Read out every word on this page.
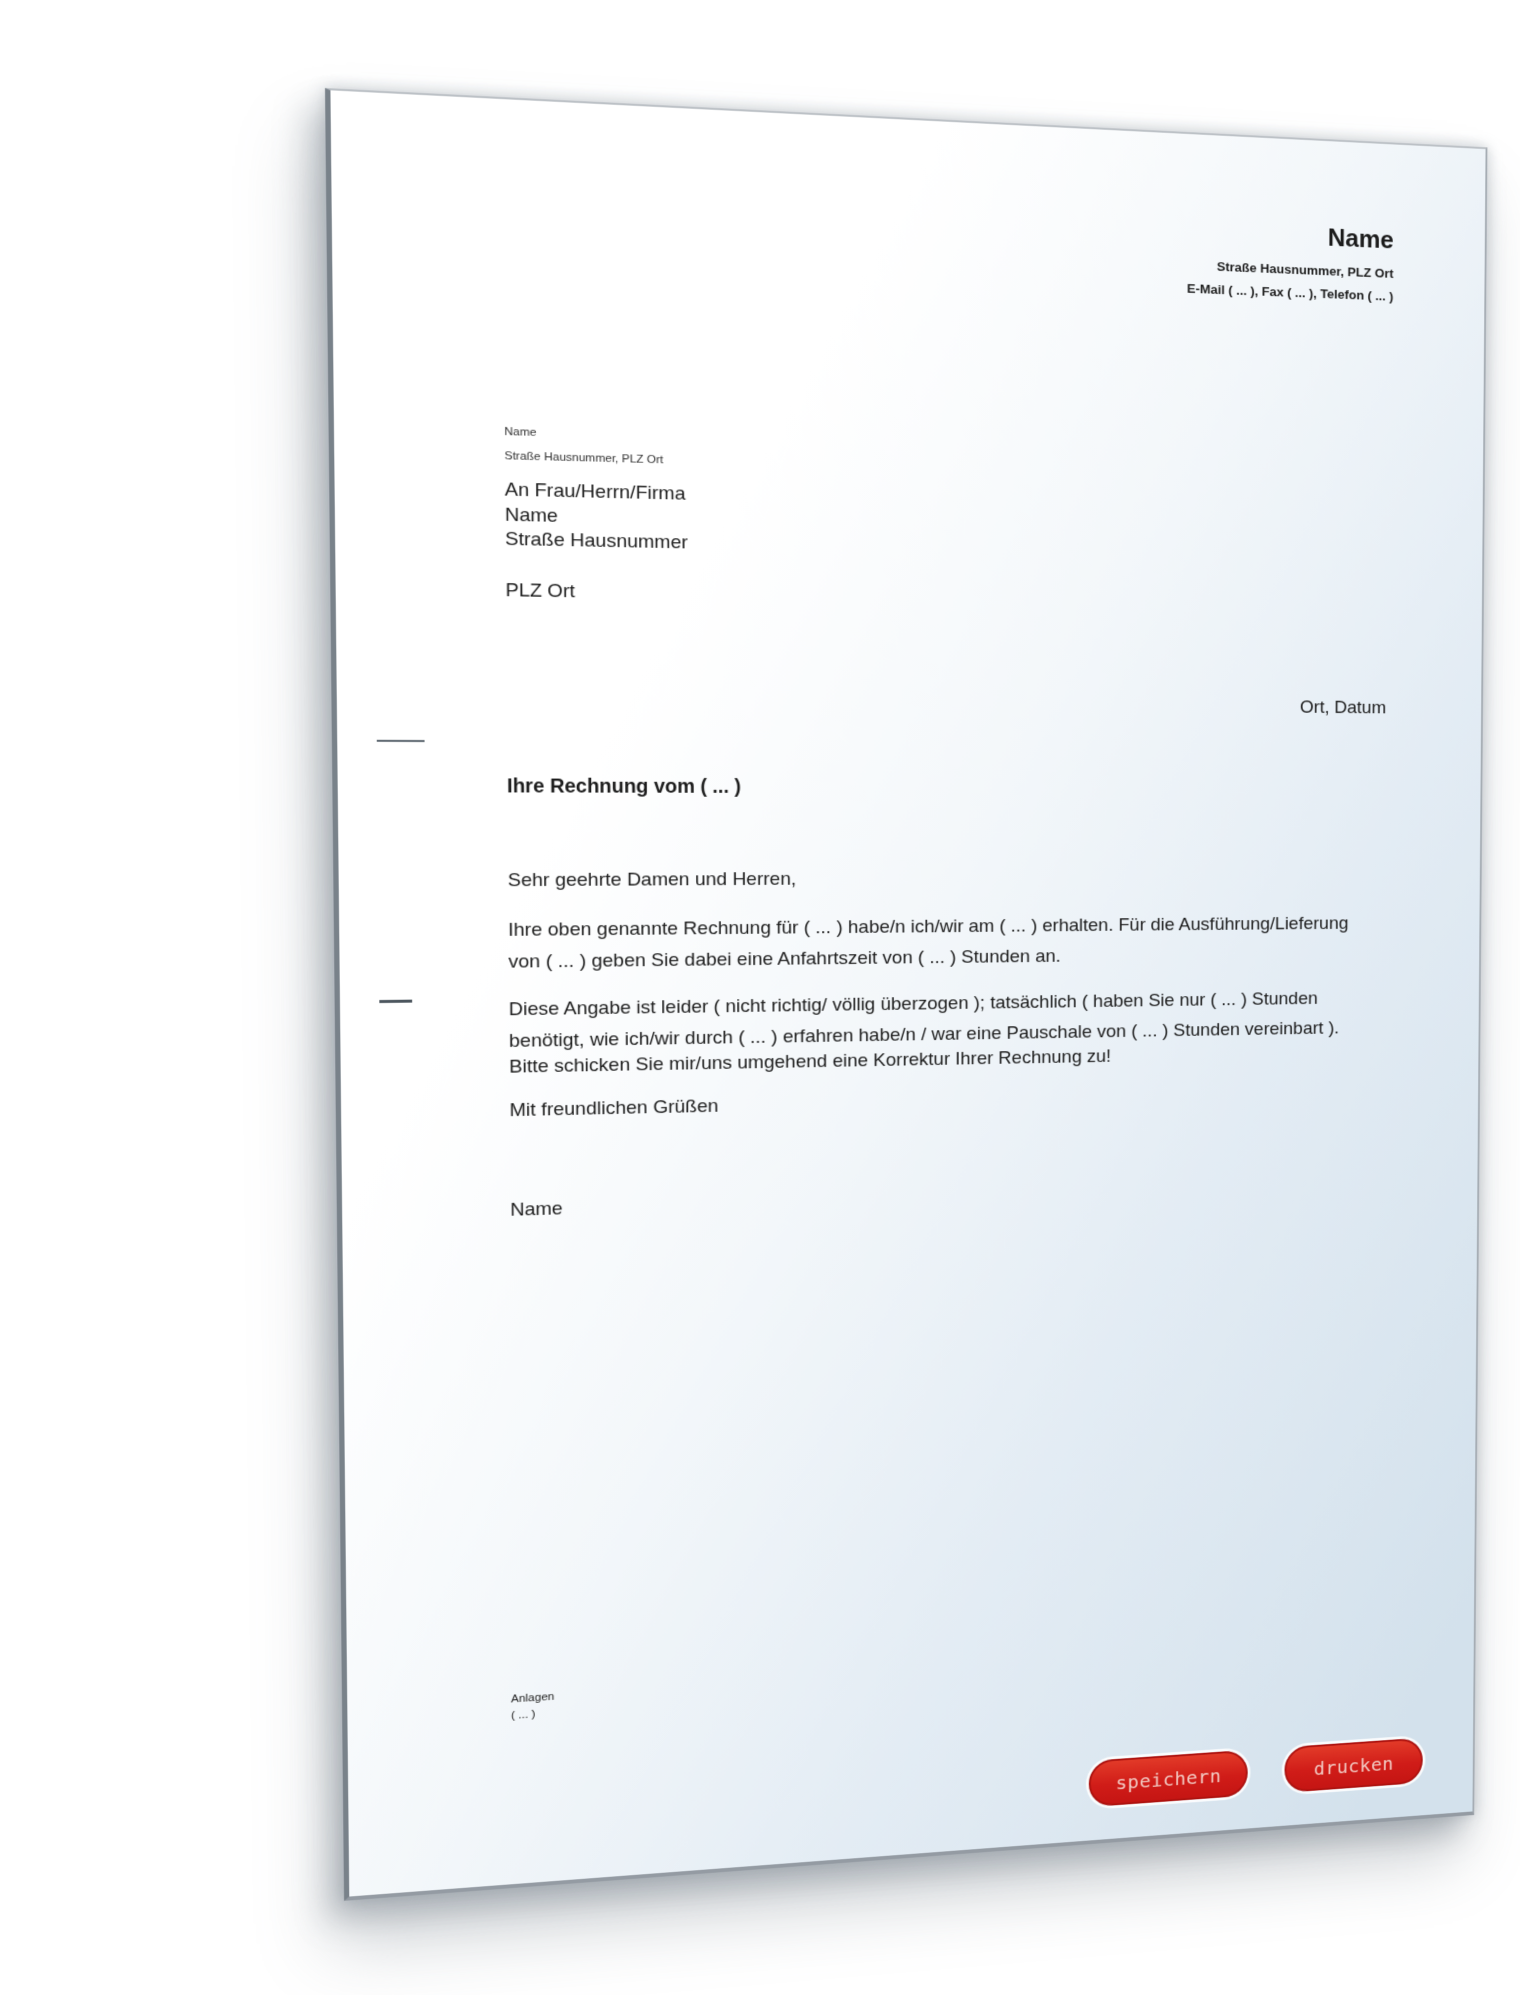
Name
Straße Hausnummer, PLZ Ort
E-Mail ( ... ), Fax ( ... ), Telefon ( ... )
Name
Straße Hausnummer, PLZ Ort
An Frau/Herrn/Firma
Name
Straße Hausnummer
PLZ Ort
Ort, Datum
Ihre Rechnung vom ( ... )
Sehr geehrte Damen und Herren,
Ihre oben genannte Rechnung für ( ... ) habe/n ich/wir am ( ... ) erhalten. Für die Ausführung/Lieferung
von ( ... ) geben Sie dabei eine Anfahrtszeit von ( ... ) Stunden an.
Diese Angabe ist leider ( nicht richtig/ völlig überzogen ); tatsächlich ( haben Sie nur ( ... ) Stunden
benötigt, wie ich/wir durch ( ... ) erfahren habe/n / war eine Pauschale von ( ... ) Stunden vereinbart ).
Bitte schicken Sie mir/uns umgehend eine Korrektur Ihrer Rechnung zu!
Mit freundlichen Grüßen
Name
Anlagen
( ... )
speichern	drucken
